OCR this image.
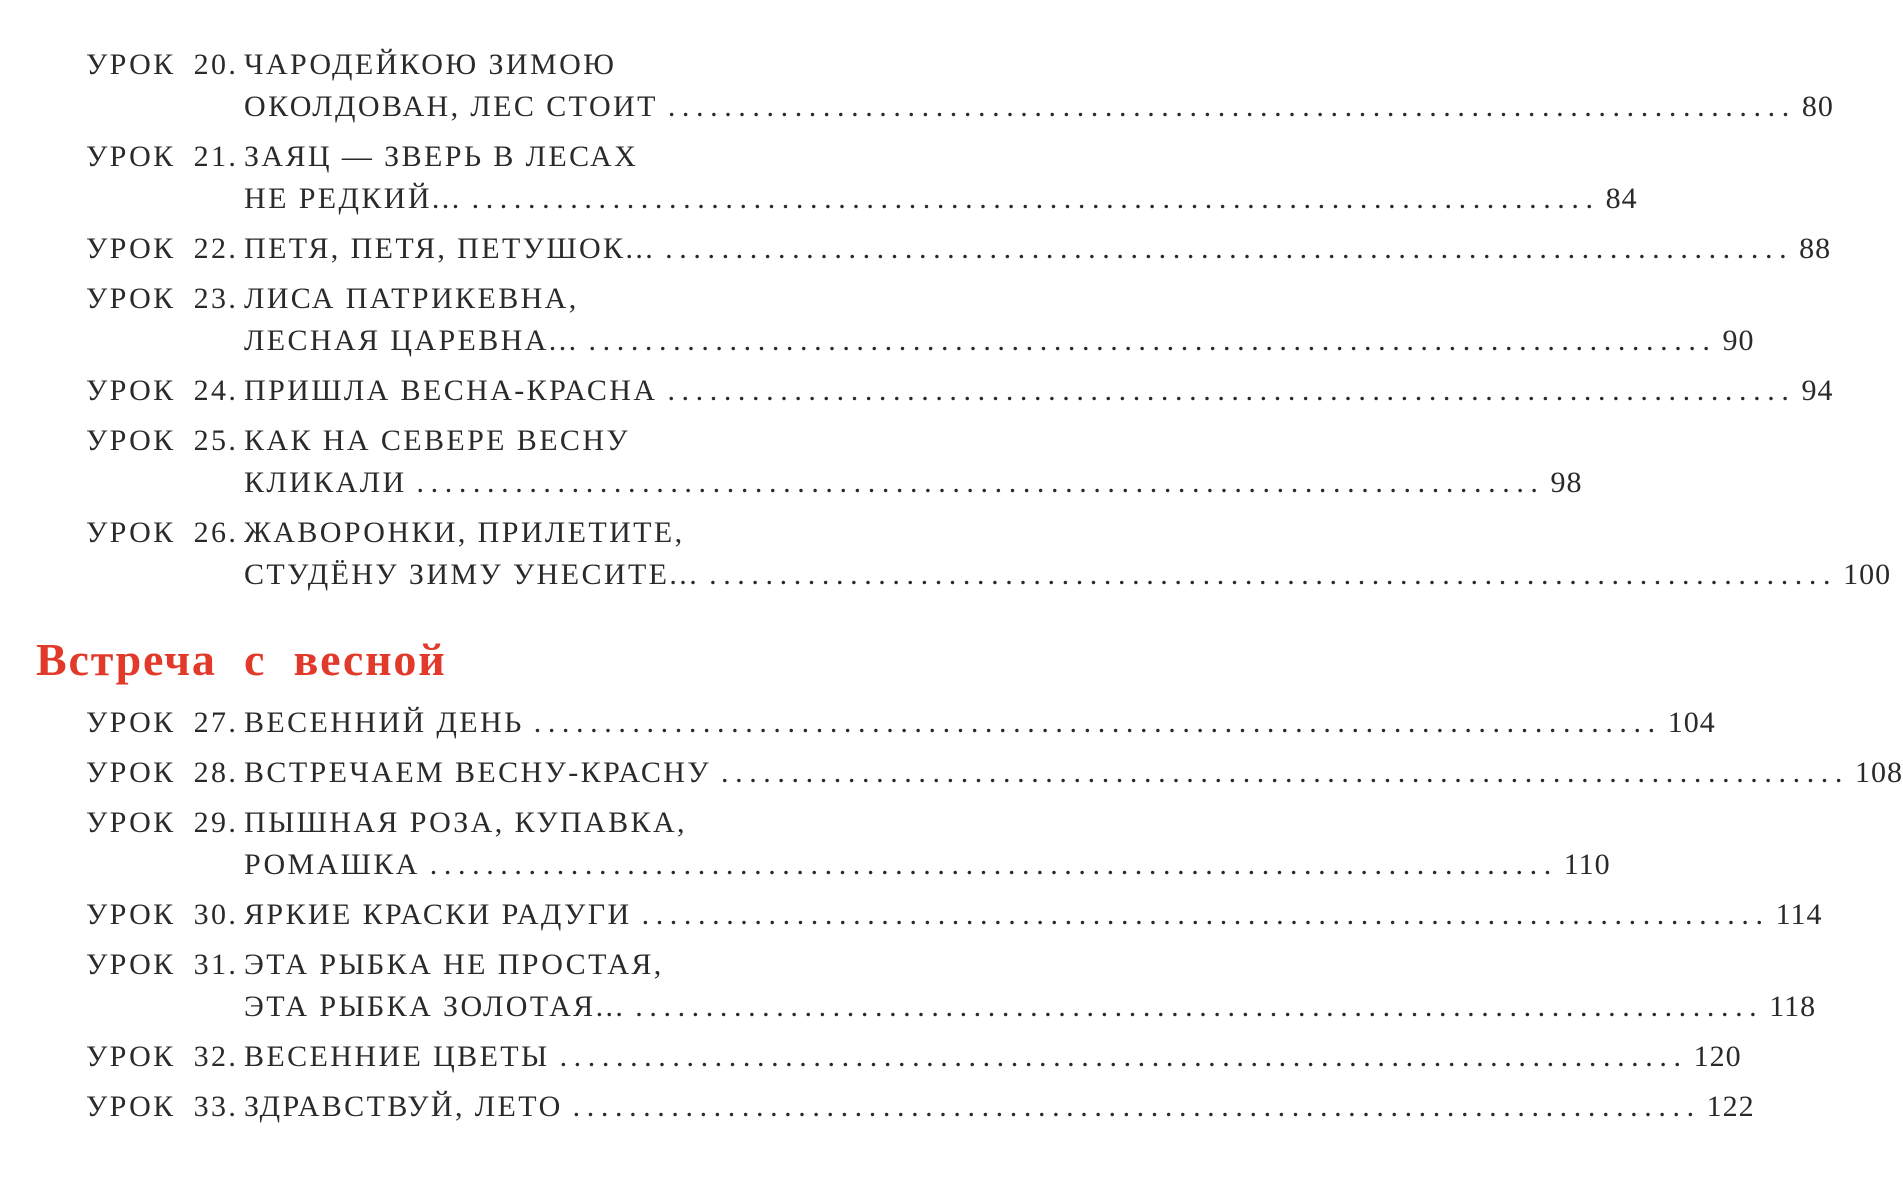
УРОК 20. ЧАРОДЕЙКОЮ ЗИМОЮ
ОКОЛДОВАН, ЛЕС СТОИТ ................................................................................ 80
УРОК 21. ЗАЯЦ — ЗВЕРЬ В ЛЕСАХ
НЕ РЕДКИЙ... ................................................................................ 84
УРОК 22. ПЕТЯ, ПЕТЯ, ПЕТУШОК... ................................................................................ 88
УРОК 23. ЛИСА ПАТРИКЕВНА,
ЛЕСНАЯ ЦАРЕВНА... ................................................................................ 90
УРОК 24. ПРИШЛА ВЕСНА-КРАСНА ................................................................................ 94
УРОК 25. КАК НА СЕВЕРЕ ВЕСНУ
КЛИКАЛИ ................................................................................ 98
УРОК 26. ЖАВОРОНКИ, ПРИЛЕТИТЕ,
СТУДЁНУ ЗИМУ УНЕСИТЕ... ................................................................................ 100
Встреча с весной
УРОК 27. ВЕСЕННИЙ ДЕНЬ ................................................................................ 104
УРОК 28. ВСТРЕЧАЕМ ВЕСНУ-КРАСНУ ................................................................................ 108
УРОК 29. ПЫШНАЯ РОЗА, КУПАВКА,
РОМАШКА ................................................................................ 110
УРОК 30. ЯРКИЕ КРАСКИ РАДУГИ ................................................................................ 114
УРОК 31. ЭТА РЫБКА НЕ ПРОСТАЯ,
ЭТА РЫБКА ЗОЛОТАЯ... ................................................................................ 118
УРОК 32. ВЕСЕННИЕ ЦВЕТЫ ................................................................................ 120
УРОК 33. ЗДРАВСТВУЙ, ЛЕТО ................................................................................ 122
